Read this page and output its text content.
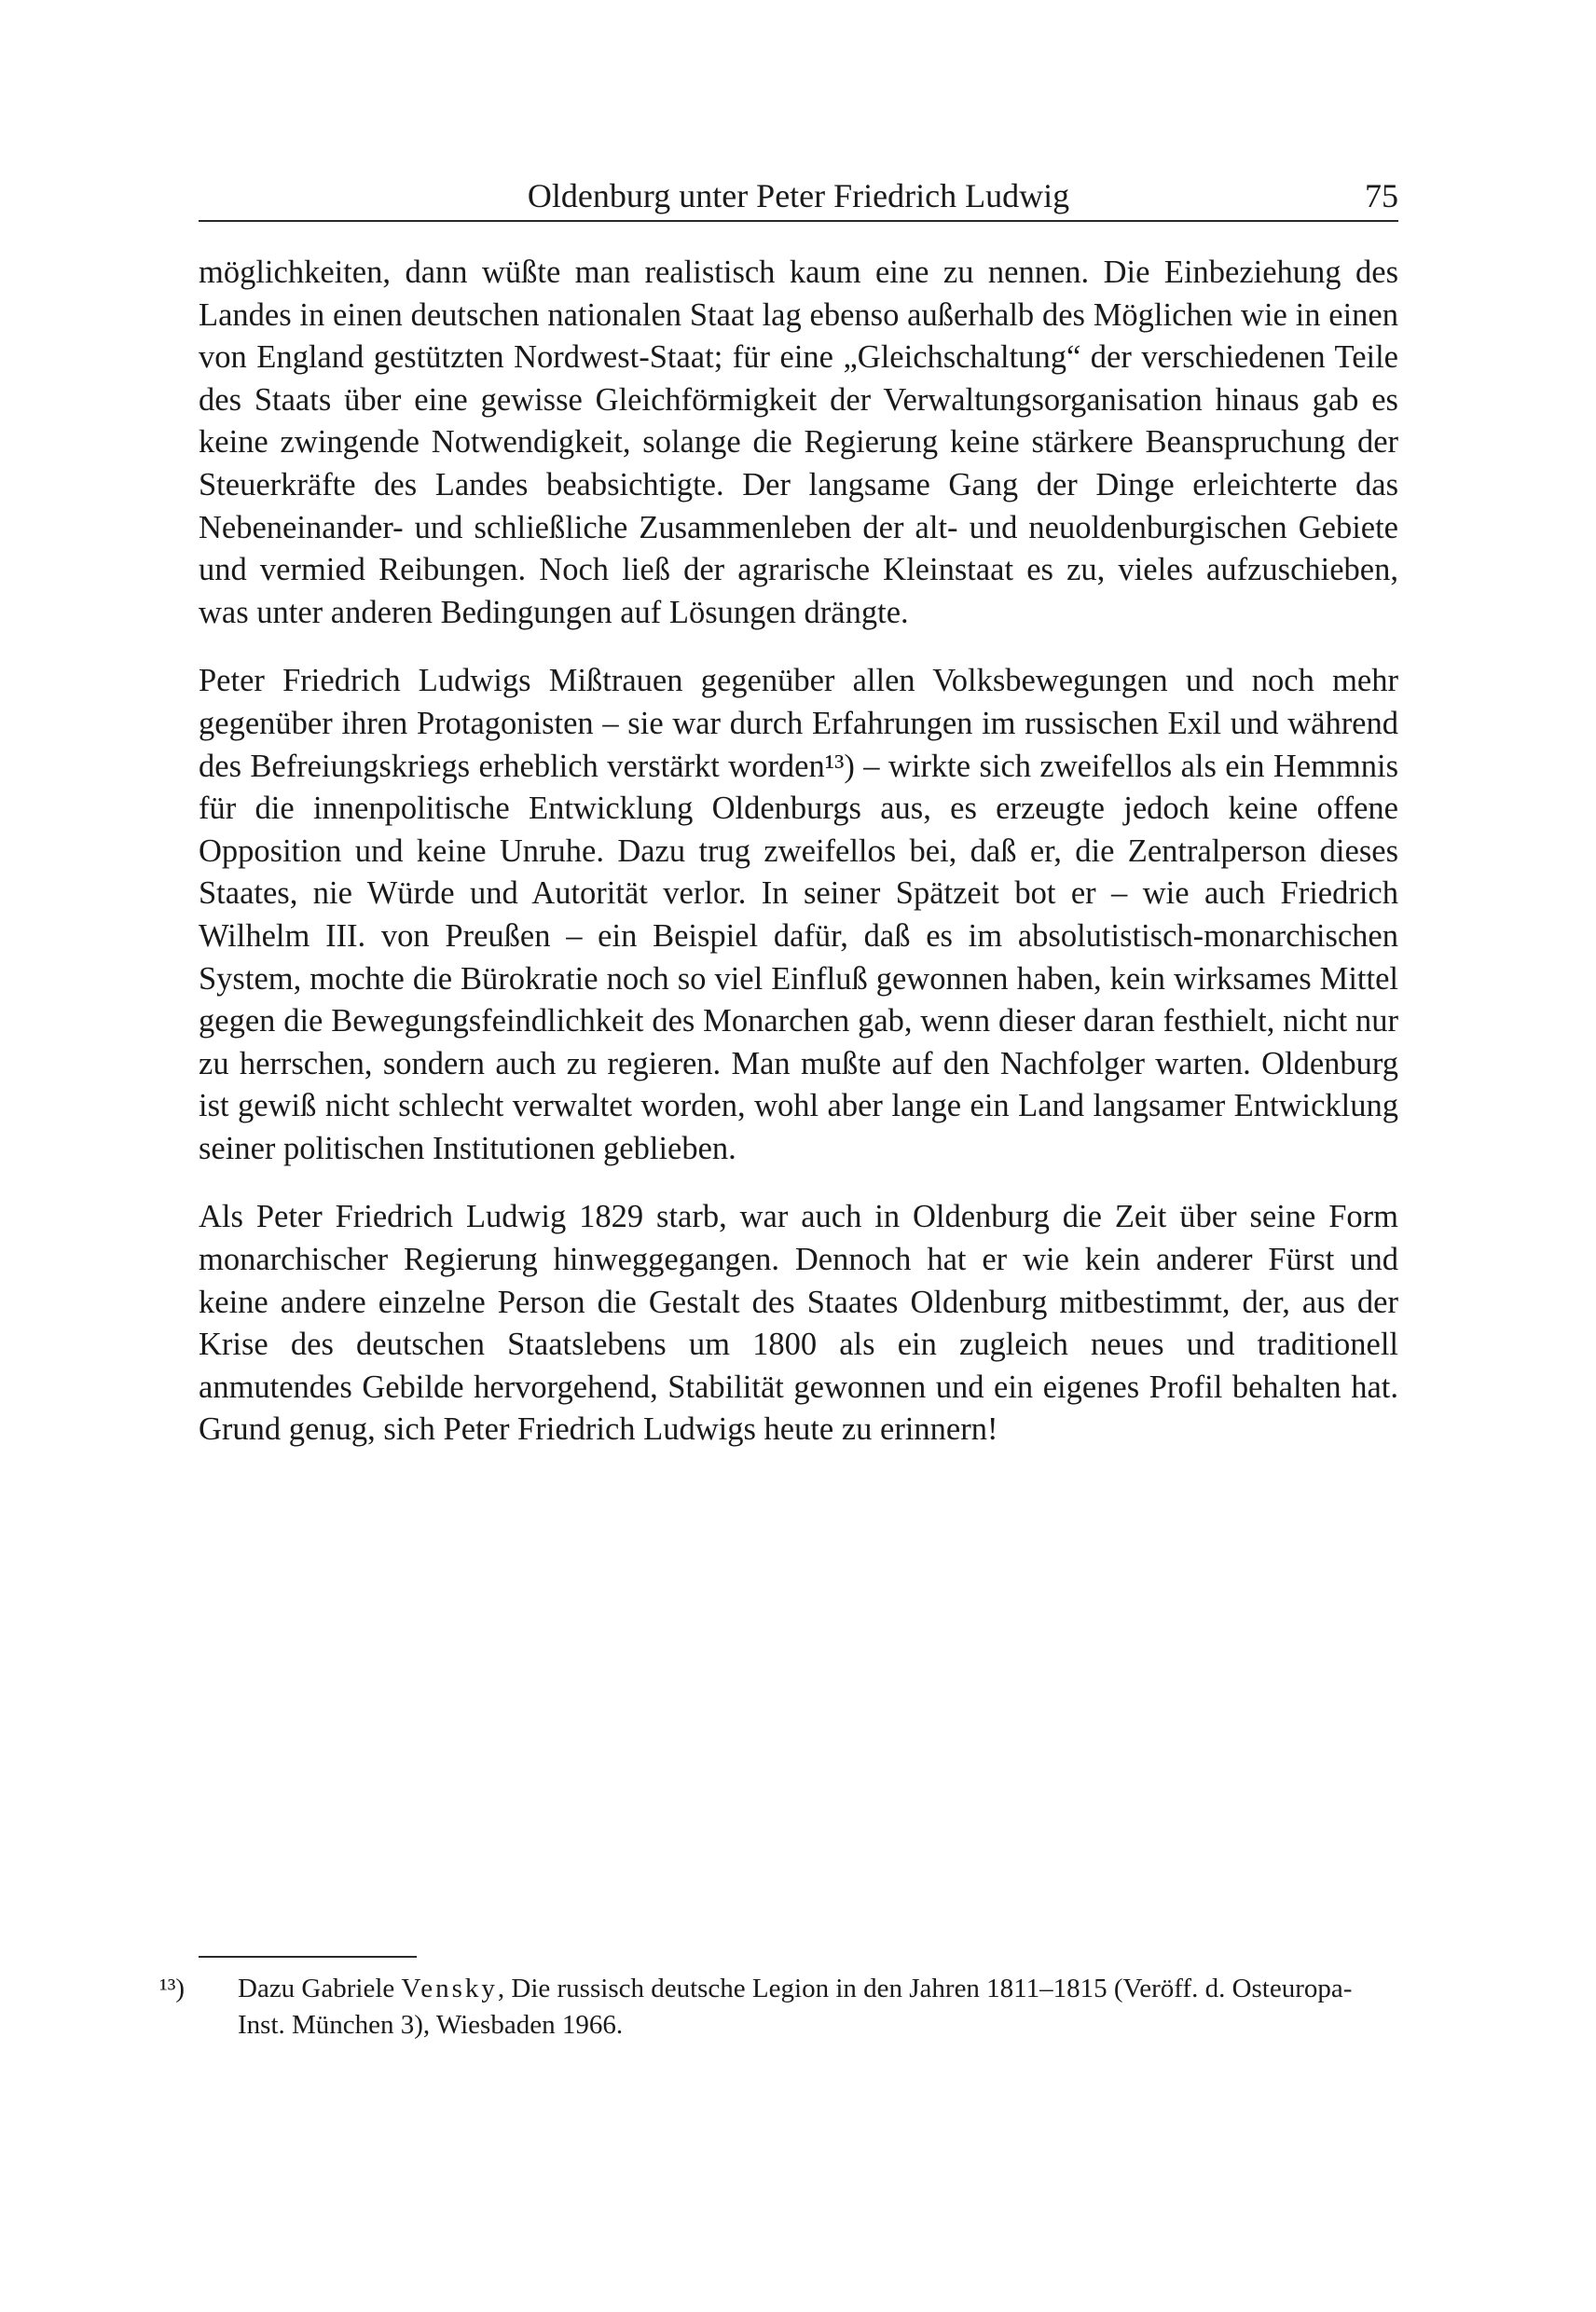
Oldenburg unter Peter Friedrich Ludwig	75

möglichkeiten, dann wüßte man realistisch kaum eine zu nennen. Die Einbeziehung des Landes in einen deutschen nationalen Staat lag ebenso außerhalb des Möglichen wie in einen von England gestützten Nordwest-Staat; für eine „Gleichschaltung“ der verschiedenen Teile des Staats über eine gewisse Gleichförmigkeit der Verwaltungsorganisation hinaus gab es keine zwingende Notwendigkeit, solange die Regierung keine stärkere Beanspruchung der Steuerkräfte des Landes beabsichtigte. Der langsame Gang der Dinge erleichterte das Nebeneinander- und schließliche Zusammenleben der alt- und neuoldenburgischen Gebiete und vermied Reibungen. Noch ließ der agrarische Kleinstaat es zu, vieles aufzuschieben, was unter anderen Bedingungen auf Lösungen drängte.

Peter Friedrich Ludwigs Mißtrauen gegenüber allen Volksbewegungen und noch mehr gegenüber ihren Protagonisten – sie war durch Erfahrungen im russischen Exil und während des Befreiungskriegs erheblich verstärkt worden¹³) – wirkte sich zweifellos als ein Hemmnis für die innenpolitische Entwicklung Oldenburgs aus, es erzeugte jedoch keine offene Opposition und keine Unruhe. Dazu trug zweifellos bei, daß er, die Zentralperson dieses Staates, nie Würde und Autorität verlor. In seiner Spätzeit bot er – wie auch Friedrich Wilhelm III. von Preußen – ein Beispiel dafür, daß es im absolutistisch-monarchischen System, mochte die Bürokratie noch so viel Einfluß gewonnen haben, kein wirksames Mittel gegen die Bewegungsfeindlichkeit des Monarchen gab, wenn dieser daran festhielt, nicht nur zu herrschen, sondern auch zu regieren. Man mußte auf den Nachfolger warten. Oldenburg ist gewiß nicht schlecht verwaltet worden, wohl aber lange ein Land langsamer Entwicklung seiner politischen Institutionen geblieben.

Als Peter Friedrich Ludwig 1829 starb, war auch in Oldenburg die Zeit über seine Form monarchischer Regierung hinweggegangen. Dennoch hat er wie kein anderer Fürst und keine andere einzelne Person die Gestalt des Staates Oldenburg mitbestimmt, der, aus der Krise des deutschen Staatslebens um 1800 als ein zugleich neues und traditionell anmutendes Gebilde hervorgehend, Stabilität gewonnen und ein eigenes Profil behalten hat. Grund genug, sich Peter Friedrich Ludwigs heute zu erinnern!

¹³) Dazu Gabriele Vensky, Die russisch deutsche Legion in den Jahren 1811–1815 (Veröff. d. Osteuropa-Inst. München 3), Wiesbaden 1966.
